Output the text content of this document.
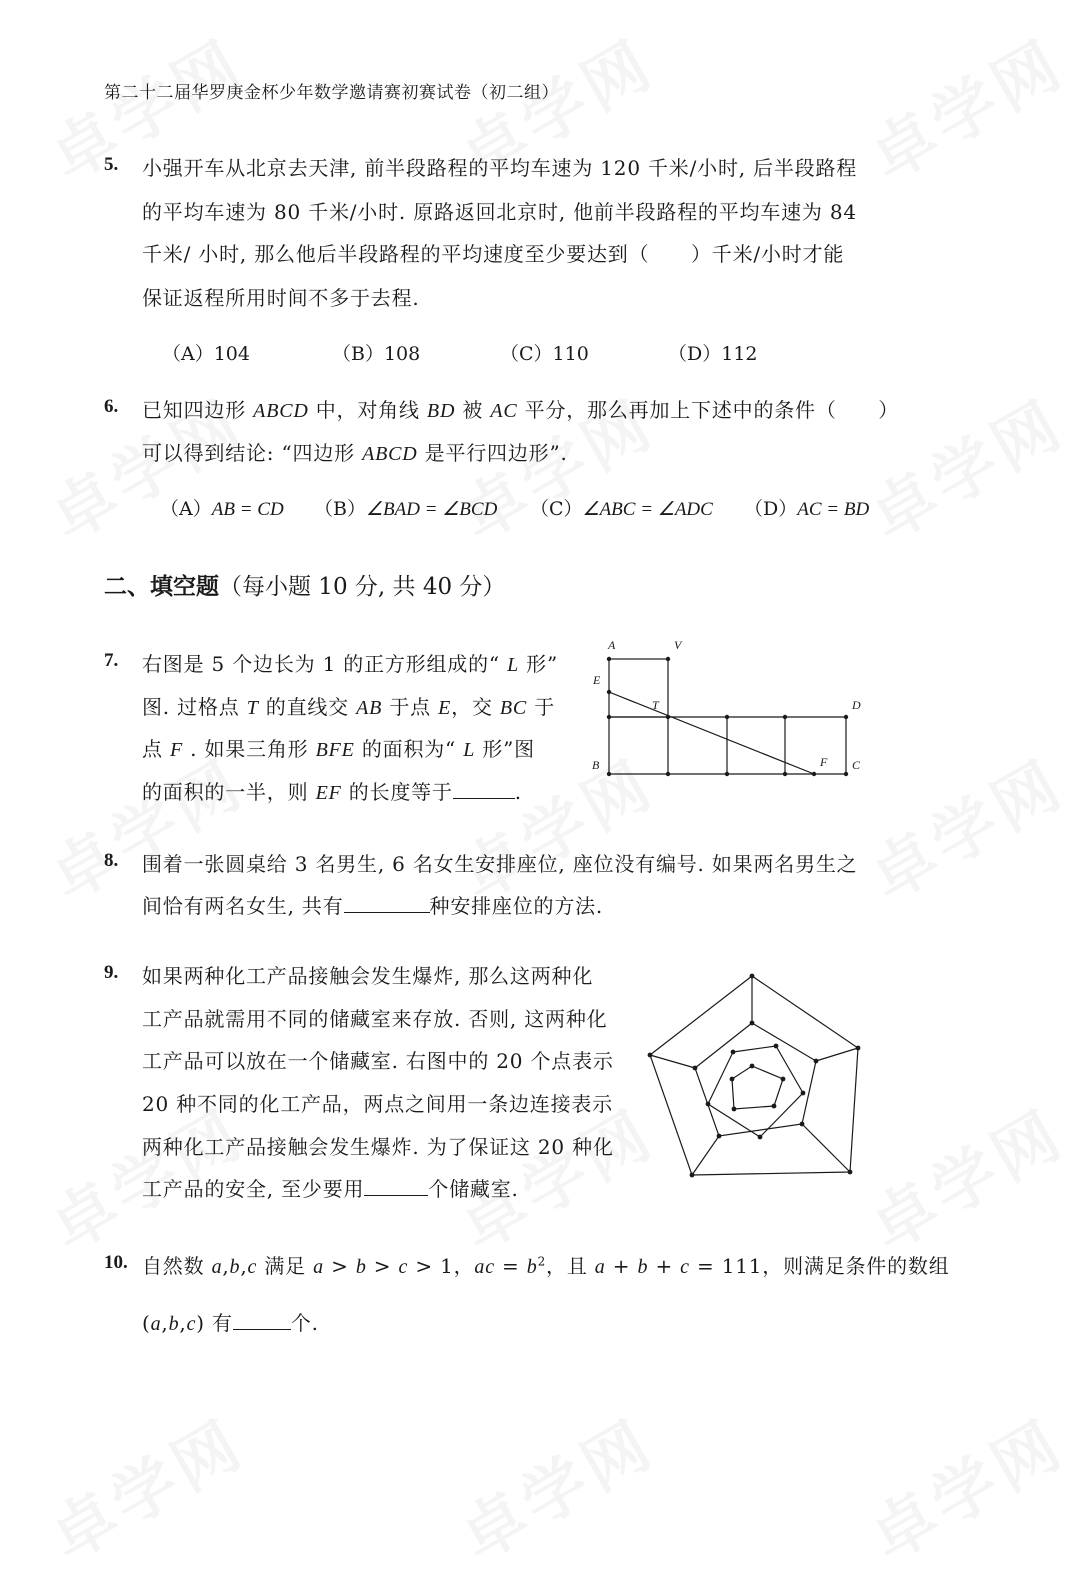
第二十二届华罗庚金杯少年数学邀请赛初赛试卷（初二组）
5. 小强开车从北京去天津, 前半段路程的平均车速为 120 千米/小时, 后半段路程
的平均车速为 80 千米/小时. 原路返回北京时, 他前半段路程的平均车速为 84
千米/ 小时, 那么他后半段路程的平均速度至少要达到（　　）千米/小时才能
保证返程所用时间不多于去程.
（A）104	（B）108	（C）110	（D）112
6. 已知四边形 ABCD 中，对角线 BD 被 AC 平分，那么再加上下述中的条件（　　）
可以得到结论: “四边形 ABCD 是平行四边形”.
（A）AB = CD （B）∠BAD = ∠BCD （C）∠ABC = ∠ADC （D）AC = BD
二、填空题（每小题 10 分, 共 40 分）
7. 右图是 5 个边长为 1 的正方形组成的“ L 形”
图. 过格点 T 的直线交 AB 于点 E，交 BC 于
点 F . 如果三角形 BFE 的面积为“ L 形”图
的面积的一半，则 EF 的长度等于	.
A	V
E
T	D
B	F C
8. 围着一张圆桌给 3 名男生, 6 名女生安排座位, 座位没有编号. 如果两名男生之
间恰有两名女生, 共有	种安排座位的方法.
9. 如果两种化工产品接触会发生爆炸, 那么这两种化
工产品就需用不同的储藏室来存放. 否则, 这两种化
工产品可以放在一个储藏室. 右图中的 20 个点表示
20 种不同的化工产品，两点之间用一条边连接表示
两种化工产品接触会发生爆炸. 为了保证这 20 种化
工产品的安全, 至少要用	个储藏室.
10. 自然数 a,b,c 满足 a > b > c > 1，ac = $b^2$，且 a + b + c = 111，则满足条件的数组
(a,b,c) 有	个.
